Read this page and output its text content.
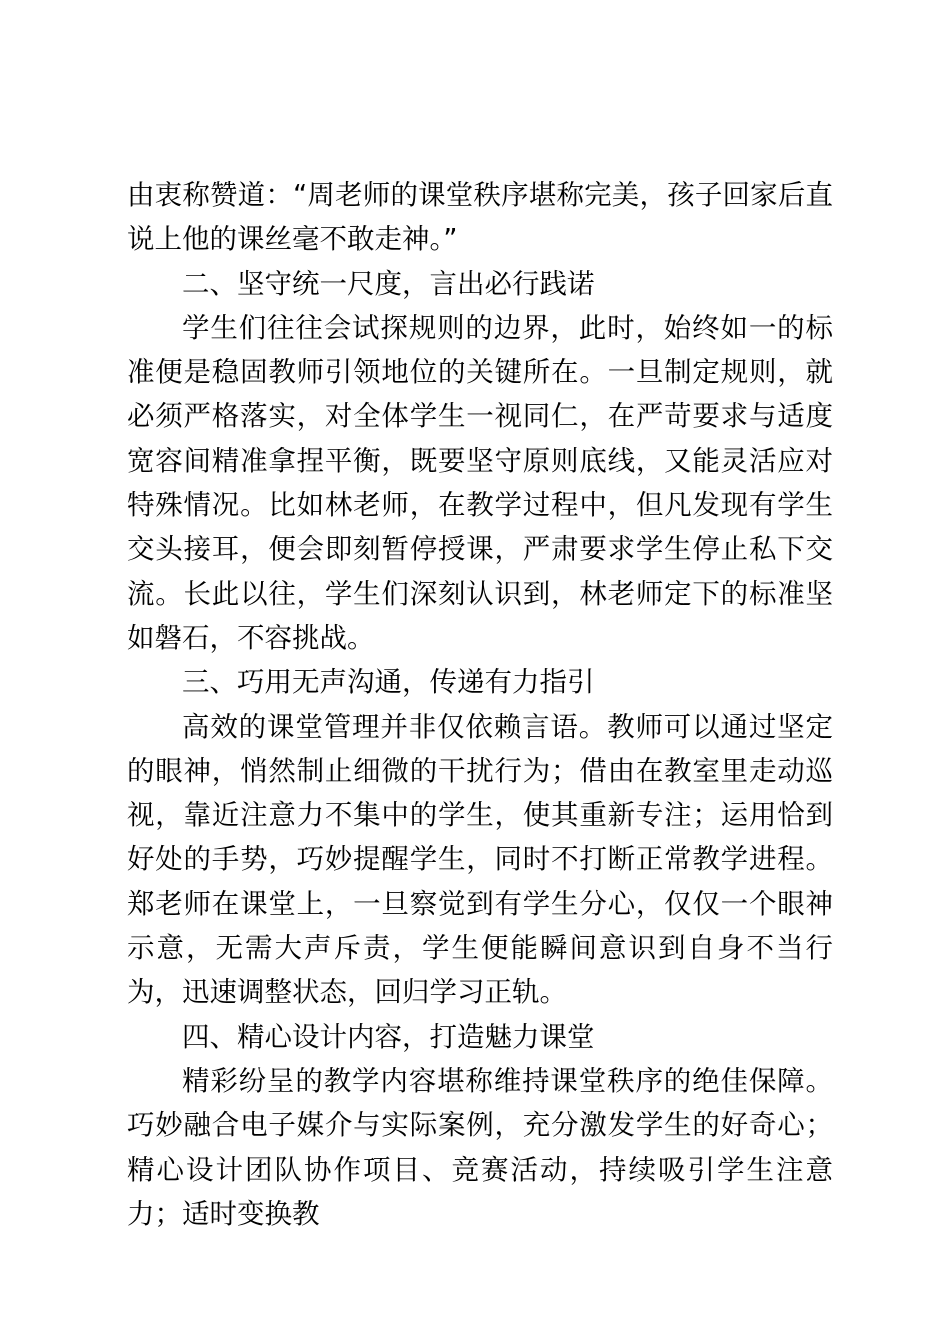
由衷称赞道：“周老师的课堂秩序堪称完美，孩子回家后直说上他的课丝毫不敢走神。”

二、坚守统一尺度，言出必行践诺

学生们往往会试探规则的边界，此时，始终如一的标准便是稳固教师引领地位的关键所在。一旦制定规则，就必须严格落实，对全体学生一视同仁，在严苛要求与适度宽容间精准拿捏平衡，既要坚守原则底线，又能灵活应对特殊情况。比如林老师，在教学过程中，但凡发现有学生交头接耳，便会即刻暂停授课，严肃要求学生停止私下交流。长此以往，学生们深刻认识到，林老师定下的标准坚如磐石，不容挑战。

三、巧用无声沟通，传递有力指引

高效的课堂管理并非仅依赖言语。教师可以通过坚定的眼神，悄然制止细微的干扰行为；借由在教室里走动巡视，靠近注意力不集中的学生，使其重新专注；运用恰到好处的手势，巧妙提醒学生，同时不打断正常教学进程。郑老师在课堂上，一旦察觉到有学生分心，仅仅一个眼神示意，无需大声斥责，学生便能瞬间意识到自身不当行为，迅速调整状态，回归学习正轨。

四、精心设计内容，打造魅力课堂

精彩纷呈的教学内容堪称维持课堂秩序的绝佳保障。巧妙融合电子媒介与实际案例，充分激发学生的好奇心；精心设计团队协作项目、竞赛活动，持续吸引学生注意力；适时变换教
